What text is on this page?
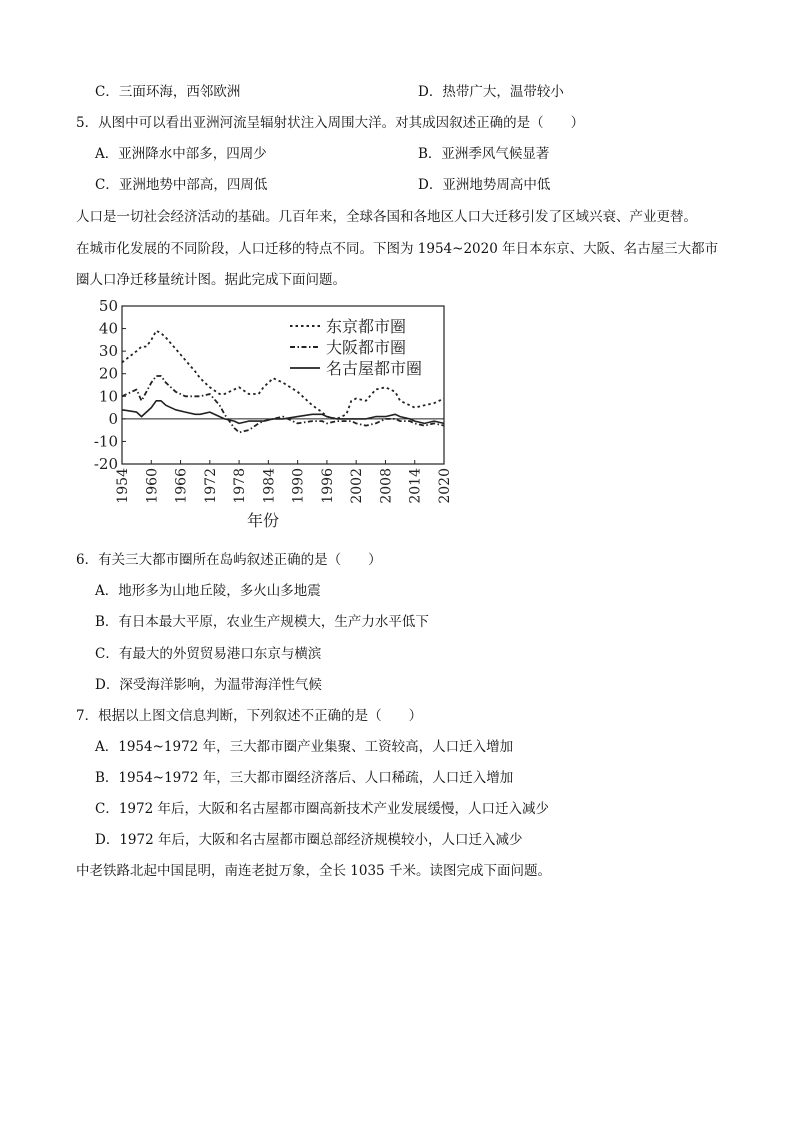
C．三面环海，西邻欧洲	D．热带广大，温带较小
5．从图中可以看出亚洲河流呈辐射状注入周围大洋。对其成因叙述正确的是（　　）
A．亚洲降水中部多，四周少	B．亚洲季风气候显著
C．亚洲地势中部高，四周低	D．亚洲地势周高中低
人口是一切社会经济活动的基础。几百年来，全球各国和各地区人口大迁移引发了区域兴衰、产业更替。
在城市化发展的不同阶段，人口迁移的特点不同。下图为 1954~2020 年日本东京、大阪、名古屋三大都市
圈人口净迁移量统计图。据此完成下面问题。
50
40
30
20
10
0
-10
-20
1954 1960 1966 1972 1978 1984 1990 1996 2002 2008 2014 2020
年份
东京都市圈
大阪都市圈
名古屋都市圈
6．有关三大都市圈所在岛屿叙述正确的是（　　）
A．地形多为山地丘陵，多火山多地震
B．有日本最大平原，农业生产规模大，生产力水平低下
C．有最大的外贸贸易港口东京与横滨
D．深受海洋影响，为温带海洋性气候
7．根据以上图文信息判断，下列叙述不正确的是（　　）
A．1954~1972 年，三大都市圈产业集聚、工资较高，人口迁入增加
B．1954~1972 年，三大都市圈经济落后、人口稀疏，人口迁入增加
C．1972 年后，大阪和名古屋都市圈高新技术产业发展缓慢，人口迁入减少
D．1972 年后，大阪和名古屋都市圈总部经济规模较小，人口迁入减少
中老铁路北起中国昆明，南连老挝万象，全长 1035 千米。读图完成下面问题。
